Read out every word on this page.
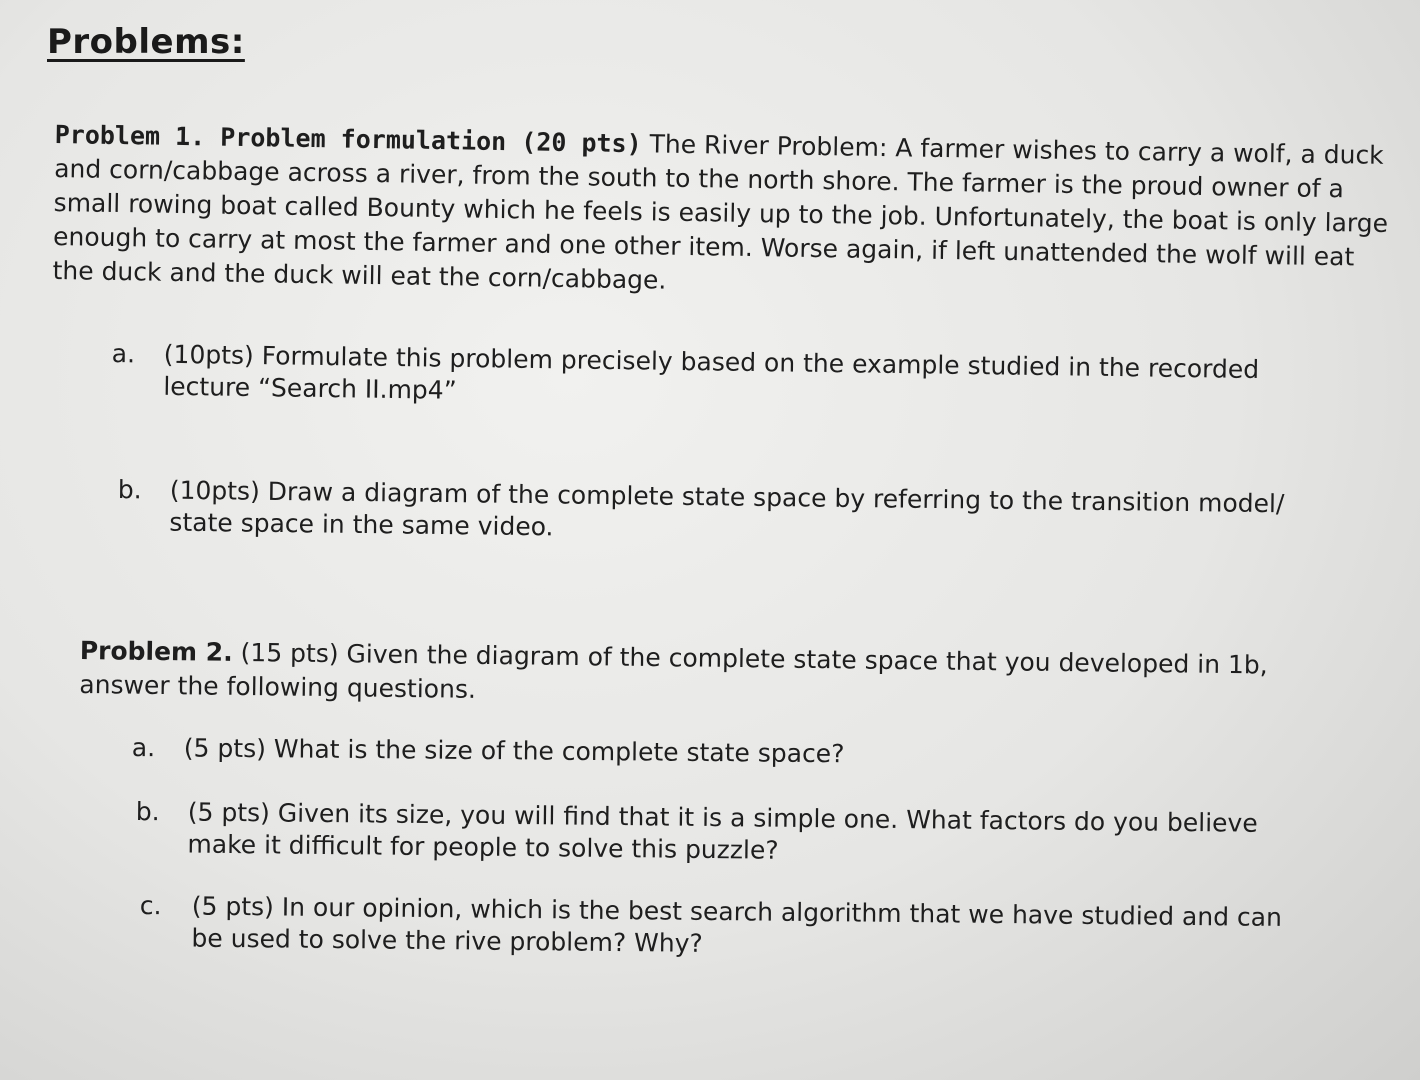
Problems:
Problem 1. Problem formulation (20 pts) The River Problem: A farmer wishes to carry a wolf, a duck and corn/cabbage across a river, from the south to the north shore. The farmer is the proud owner of a small rowing boat called Bounty which he feels is easily up to the job. Unfortunately, the boat is only large enough to carry at most the farmer and one other item. Worse again, if left unattended the wolf will eat the duck and the duck will eat the corn/cabbage.
a. (10pts) Formulate this problem precisely based on the example studied in the recorded lecture “Search II.mp4”
b. (10pts) Draw a diagram of the complete state space by referring to the transition model/ state space in the same video.
Problem 2. (15 pts) Given the diagram of the complete state space that you developed in 1b, answer the following questions.
a. (5 pts) What is the size of the complete state space?
b. (5 pts) Given its size, you will find that it is a simple one. What factors do you believe make it difficult for people to solve this puzzle?
c. (5 pts) In our opinion, which is the best search algorithm that we have studied and can be used to solve the rive problem? Why?
